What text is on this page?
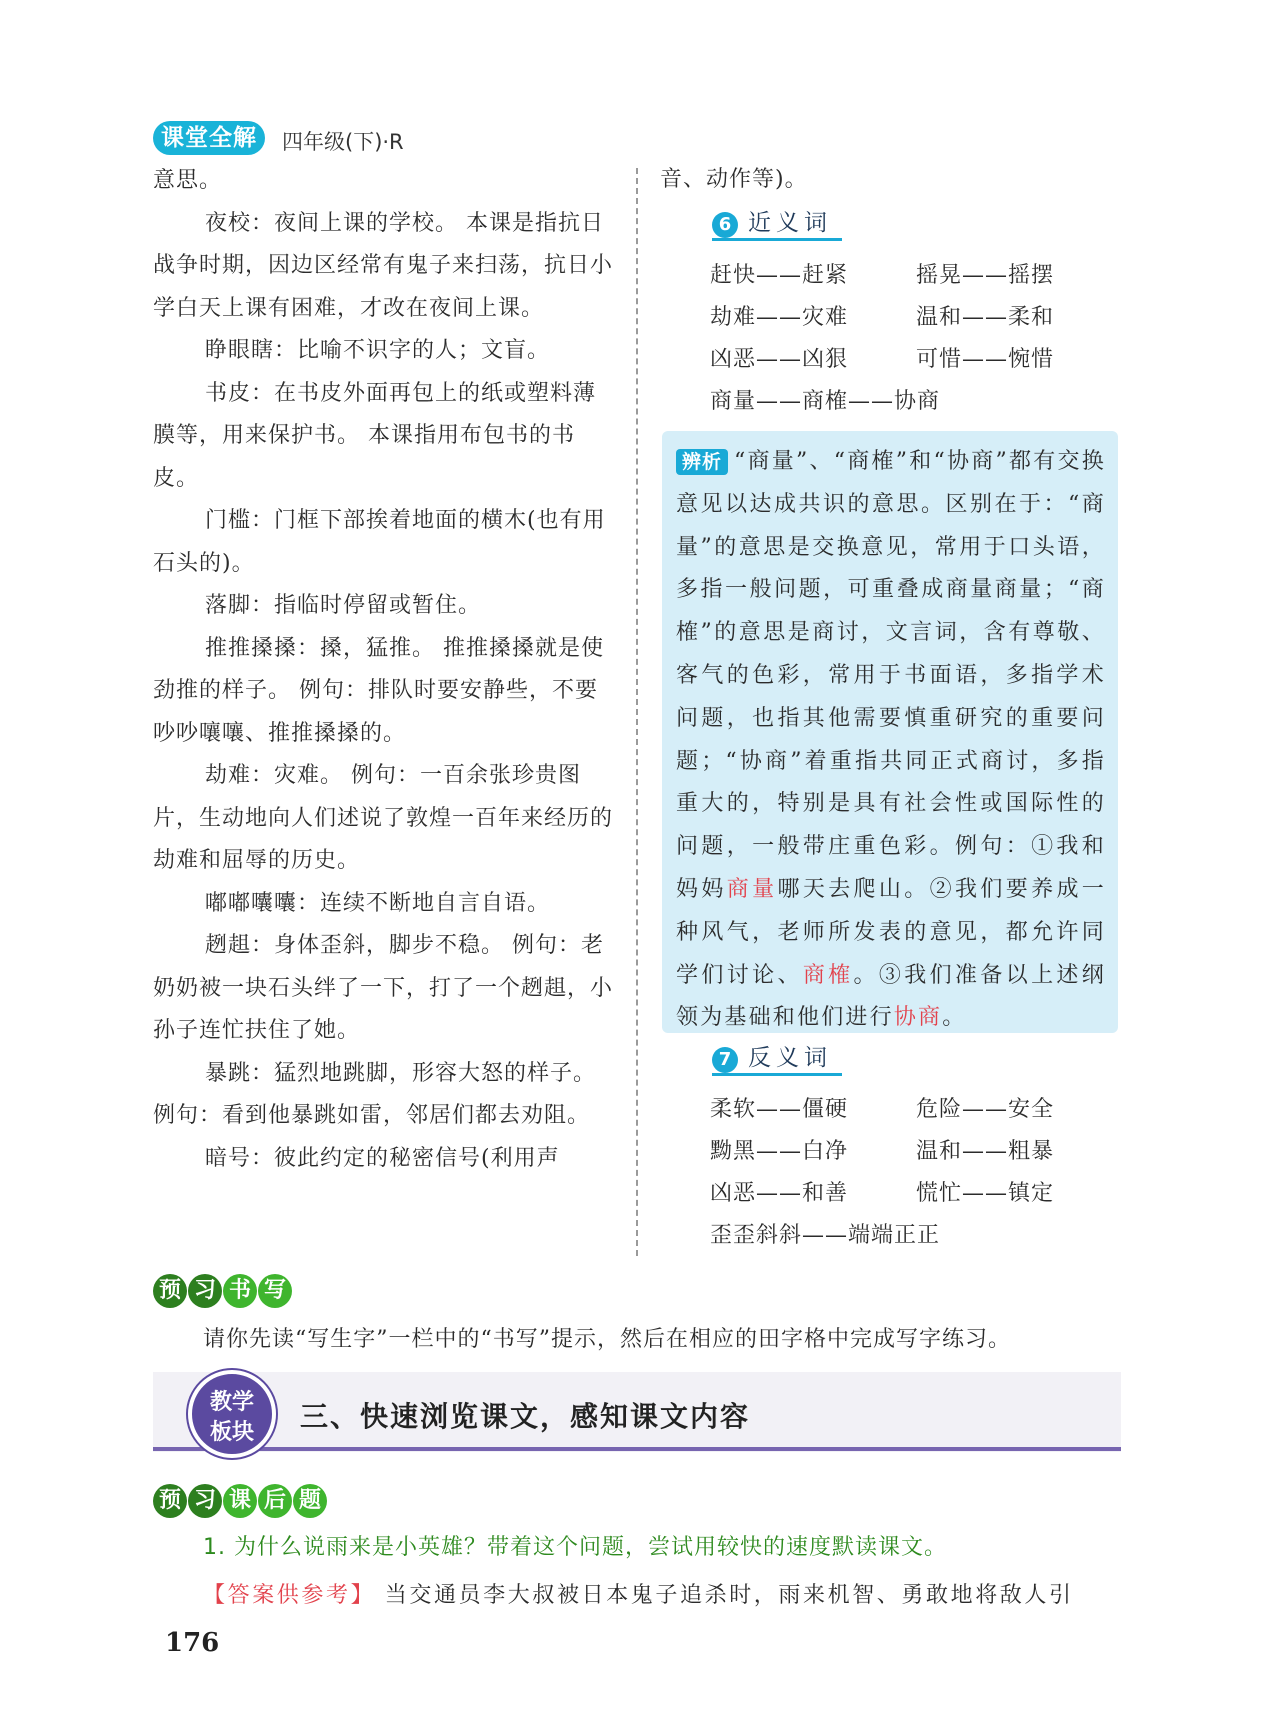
课堂全解	四年级(下)·R

意思。

夜校：夜间上课的学校。 本课是指抗日战争时期，因边区经常有鬼子来扫荡，抗日小学白天上课有困难，才改在夜间上课。

睁眼瞎：比喻不识字的人；文盲。

书皮：在书皮外面再包上的纸或塑料薄膜等，用来保护书。 本课指用布包书的书皮。

门槛：门框下部挨着地面的横木(也有用石头的)。

落脚：指临时停留或暂住。

推推搡搡：搡，猛推。 推推搡搡就是使劲推的样子。 例句：排队时要安静些，不要吵吵嚷嚷、推推搡搡的。

劫难：灾难。 例句：一百余张珍贵图片，生动地向人们述说了敦煌一百年来经历的劫难和屈辱的历史。

嘟嘟囔囔：连续不断地自言自语。

趔趄：身体歪斜，脚步不稳。 例句：老奶奶被一块石头绊了一下，打了一个趔趄，小孙子连忙扶住了她。

暴跳：猛烈地跳脚，形容大怒的样子。 例句：看到他暴跳如雷，邻居们都去劝阻。

暗号：彼此约定的秘密信号(利用声

音、动作等)。
6 近义词
赶快——赶紧	摇晃——摇摆
劫难——灾难	温和——柔和
凶恶——凶狠	可惜——惋惜
商量——商榷——协商
辨析 “商量”、“商榷”和“协商”都有交换意见以达成共识的意思。区别在于：“商量”的意思是交换意见，常用于口头语，多指一般问题，可重叠成商量商量；“商榷”的意思是商讨，文言词，含有尊敬、客气的色彩，常用于书面语，多指学术问题，也指其他需要慎重研究的重要问题；“协商”着重指共同正式商讨，多指重大的，特别是具有社会性或国际性的问题，一般带庄重色彩。例句：①我和妈妈商量哪天去爬山。②我们要养成一种风气，老师所发表的意见，都允许同学们讨论、商榷。③我们准备以上述纲领为基础和他们进行协商。
7 反义词
柔软——僵硬	危险——安全
黝黑——白净	温和——粗暴
凶恶——和善	慌忙——镇定
歪歪斜斜——端端正正
预 习 书 写
请你先读“写生字”一栏中的“书写”提示，然后在相应的田字格中完成写字练习。
教学
板块	三、快速浏览课文，感知课文内容
预 习 课 后 题
1. 为什么说雨来是小英雄？带着这个问题，尝试用较快的速度默读课文。
【答案供参考】 当交通员李大叔被日本鬼子追杀时，雨来机智、勇敢地将敌人引
176
